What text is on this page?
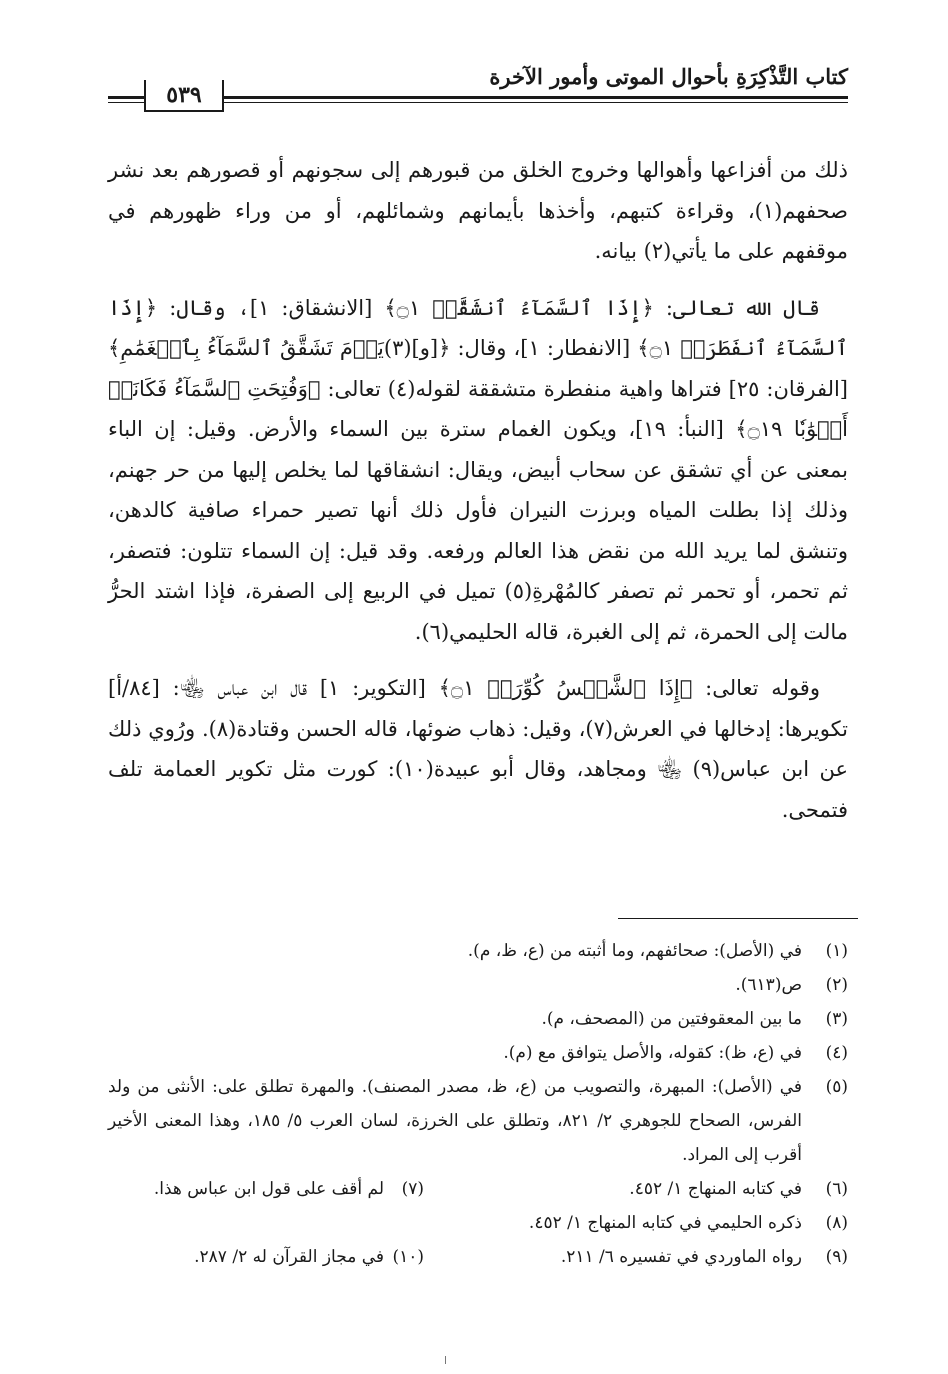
كتاب التَّذْكِرَةِ بأحوال الموتى وأمور الآخرة
٥٣٩

ذلك من أفزاعها وأهوالها وخروج الخلق من قبورهم إلى سجونهم أو قصورهم بعد نشر صحفهم(١)، وقراءة كتبهم، وأخذها بأيمانهم وشمائلهم، أو من وراء ظهورهم في موقفهم على ما يأتي(٢) بيانه.

قال الله تعالى: ﴿إِذَا ٱلسَّمَآءُ ٱنشَقَّتۡ ۝١﴾ [الانشقاق: ١]، وقال: ﴿إِذَا ٱلسَّمَآءُ ٱنفَطَرَتۡ ۝١﴾ [الانفطار: ١]، وقال: ﴿[و](٣)يَوۡمَ تَشَقَّقُ ٱلسَّمَآءُ بِٱلۡغَمَٰمِ﴾ [الفرقان: ٢٥] فتراها واهية منفطرة متشققة لقوله(٤) تعالى: ﴿وَفُتِحَتِ ٱلسَّمَآءُ فَكَانَتۡ أَبۡوَٰبٗا ۝١٩﴾ [النبأ: ١٩]، ويكون الغمام سترة بين السماء والأرض. وقيل: إن الباء بمعنى عن أي تشقق عن سحاب أبيض، ويقال: انشقاقها لما يخلص إليها من حر جهنم، وذلك إذا بطلت المياه وبرزت النيران فأول ذلك أنها تصير حمراء صافية كالدهن، وتنشق لما يريد الله من نقض هذا العالم ورفعه. وقد قيل: إن السماء تتلون: فتصفر، ثم تحمر، أو تحمر ثم تصفر كالمُهْرةِ(٥) تميل في الربيع إلى الصفرة، فإذا اشتد الحرُّ مالت إلى الحمرة، ثم إلى الغبرة، قاله الحليمي(٦).

وقوله تعالى: ﴿إِذَا ٱلشَّمۡسُ كُوِّرَتۡ ۝١﴾ [التكوير: ١] قال ابن عباس ﵄: [٨٤/أ] تكويرها: إدخالها في العرش(٧)، وقيل: ذهاب ضوئها، قاله الحسن وقتادة(٨). ورُوي ذلك عن ابن عباس(٩) ﵄ ومجاهد، وقال أبو عبيدة(١٠): كورت مثل تكوير العمامة تلف فتمحى.

(١)
في (الأصل): صحائفهم، وما أثبته من (ع، ظ، م).
(٢)
ص(٦١٣).
(٣)
ما بين المعقوفتين من (المصحف، م).
(٤)
في (ع، ظ): كقوله، والأصل يتوافق مع (م).
(٥)
في (الأصل): المبهرة، والتصويب من (ع، ظ، مصدر المصنف). والمهرة تطلق على: الأنثى من ولد الفرس، الصحاح للجوهري ٢/ ٨٢١، وتطلق على الخرزة، لسان العرب ٥/ ١٨٥، وهذا المعنى الأخير أقرب إلى المراد.
(٦)
في كتابه المنهاج ١/ ٤٥٢.
(٧)
لم أقف على قول ابن عباس هذا.
(٨)
ذكره الحليمي في كتابه المنهاج ١/ ٤٥٢.
(٩)
رواه الماوردي في تفسيره ٦/ ٢١١.
(١٠)
في مجاز القرآن له ٢/ ٢٨٧.
